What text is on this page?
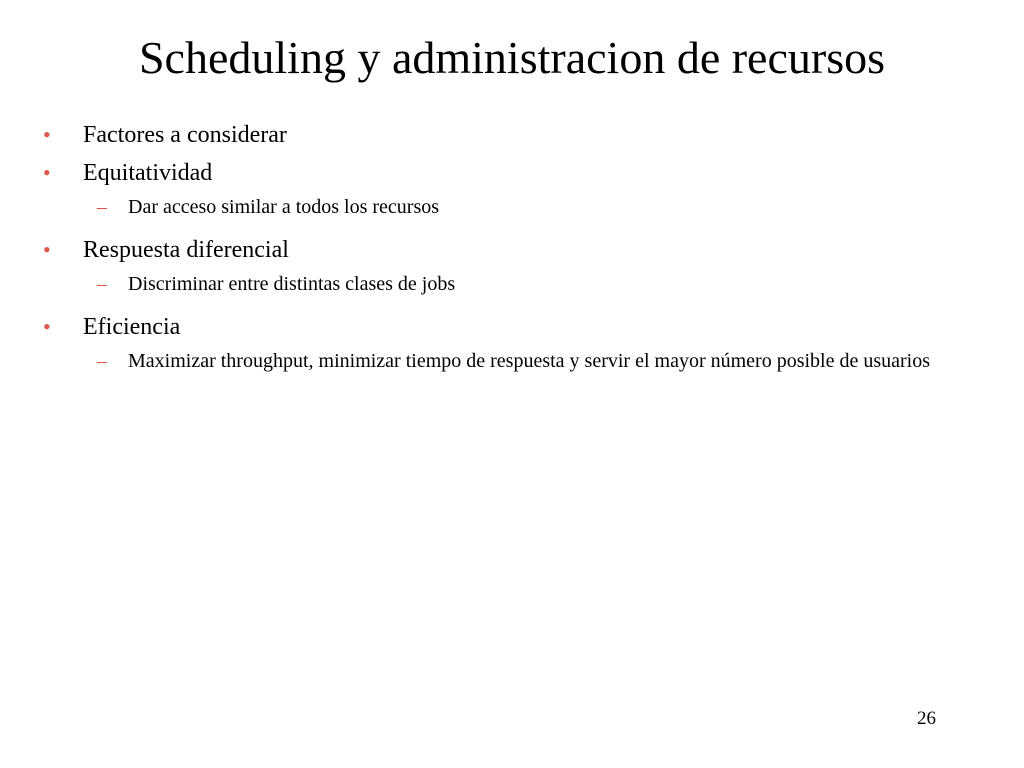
Scheduling y administracion de recursos
•	Factores a considerar
•	Equitatividad
–	Dar acceso similar a todos los recursos
•	Respuesta diferencial
–	Discriminar entre distintas clases de jobs
•	Eficiencia
–	Maximizar throughput, minimizar tiempo de respuesta y servir el mayor número posible de usuarios
26
